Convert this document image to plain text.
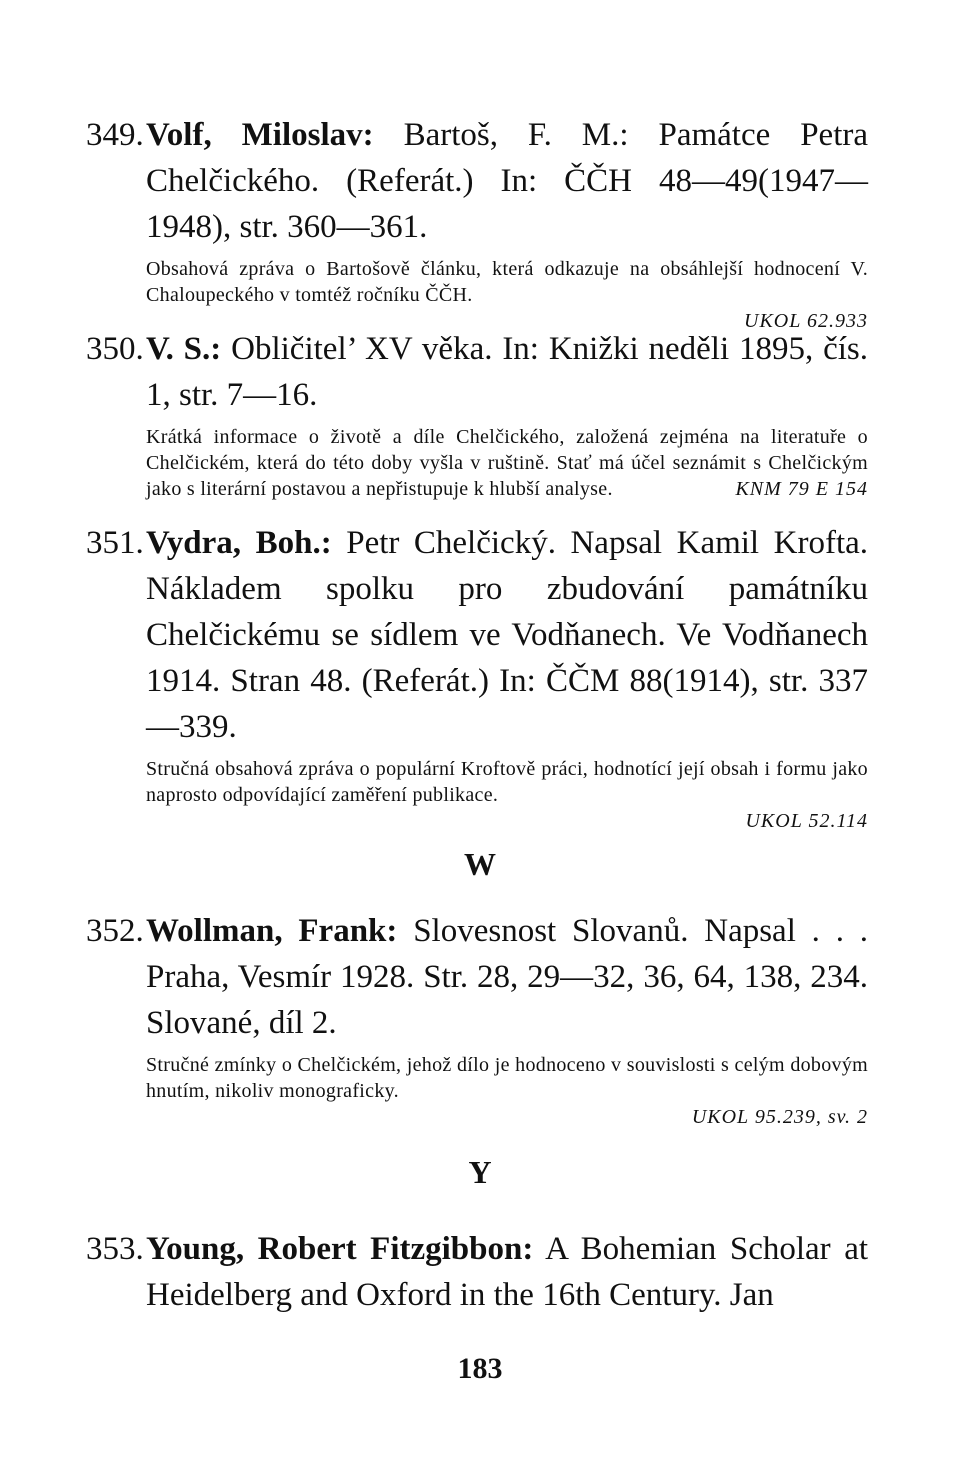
349.Volf, Miloslav: Bartoš, F. M.: Památce Petra Chelčického. (Referát.) In: ČČH 48—49(1947—1948), str. 360—361.
Obsahová zpráva o Bartošově článku, která odkazuje na obsáhlejší hodnocení V. Chaloupeckého v tomtéž ročníku ČČH.
UKOL 62.933
350.V. S.: Obličitel’ XV věka. In: Knižki neděli 1895, čís. 1, str. 7—16.
Krátká informace o životě a díle Chelčického, založená zejména na literatuře o Chelčickém, která do této doby vyšla v ruštině. Stať má účel seznámit s Chelčickým jako s literární postavou a nepřistupuje k hlubší analyse.	KNM 79 E 154
351.Vydra, Boh.: Petr Chelčický. Napsal Kamil Krofta. Nákladem spolku pro zbudování památníku Chelčickému se sídlem ve Vodňanech. Ve Vodňanech 1914. Stran 48. (Referát.) In: ČČM 88(1914), str. 337—339.
Stručná obsahová zpráva o populární Kroftově práci, hodnotící její obsah i formu jako naprosto odpovídající zaměření publikace.
UKOL 52.114
W
352.Wollman, Frank: Slovesnost Slovanů. Napsal . . . Praha, Vesmír 1928. Str. 28, 29—32, 36, 64, 138, 234. Slované, díl 2.
Stručné zmínky o Chelčickém, jehož dílo je hodnoceno v souvislosti s celým dobovým hnutím, nikoliv monograficky.
UKOL 95.239, sv. 2
Y
353.Young, Robert Fitzgibbon: A Bohemian Scholar at Heidelberg and Oxford in the 16th Century. Jan
183
